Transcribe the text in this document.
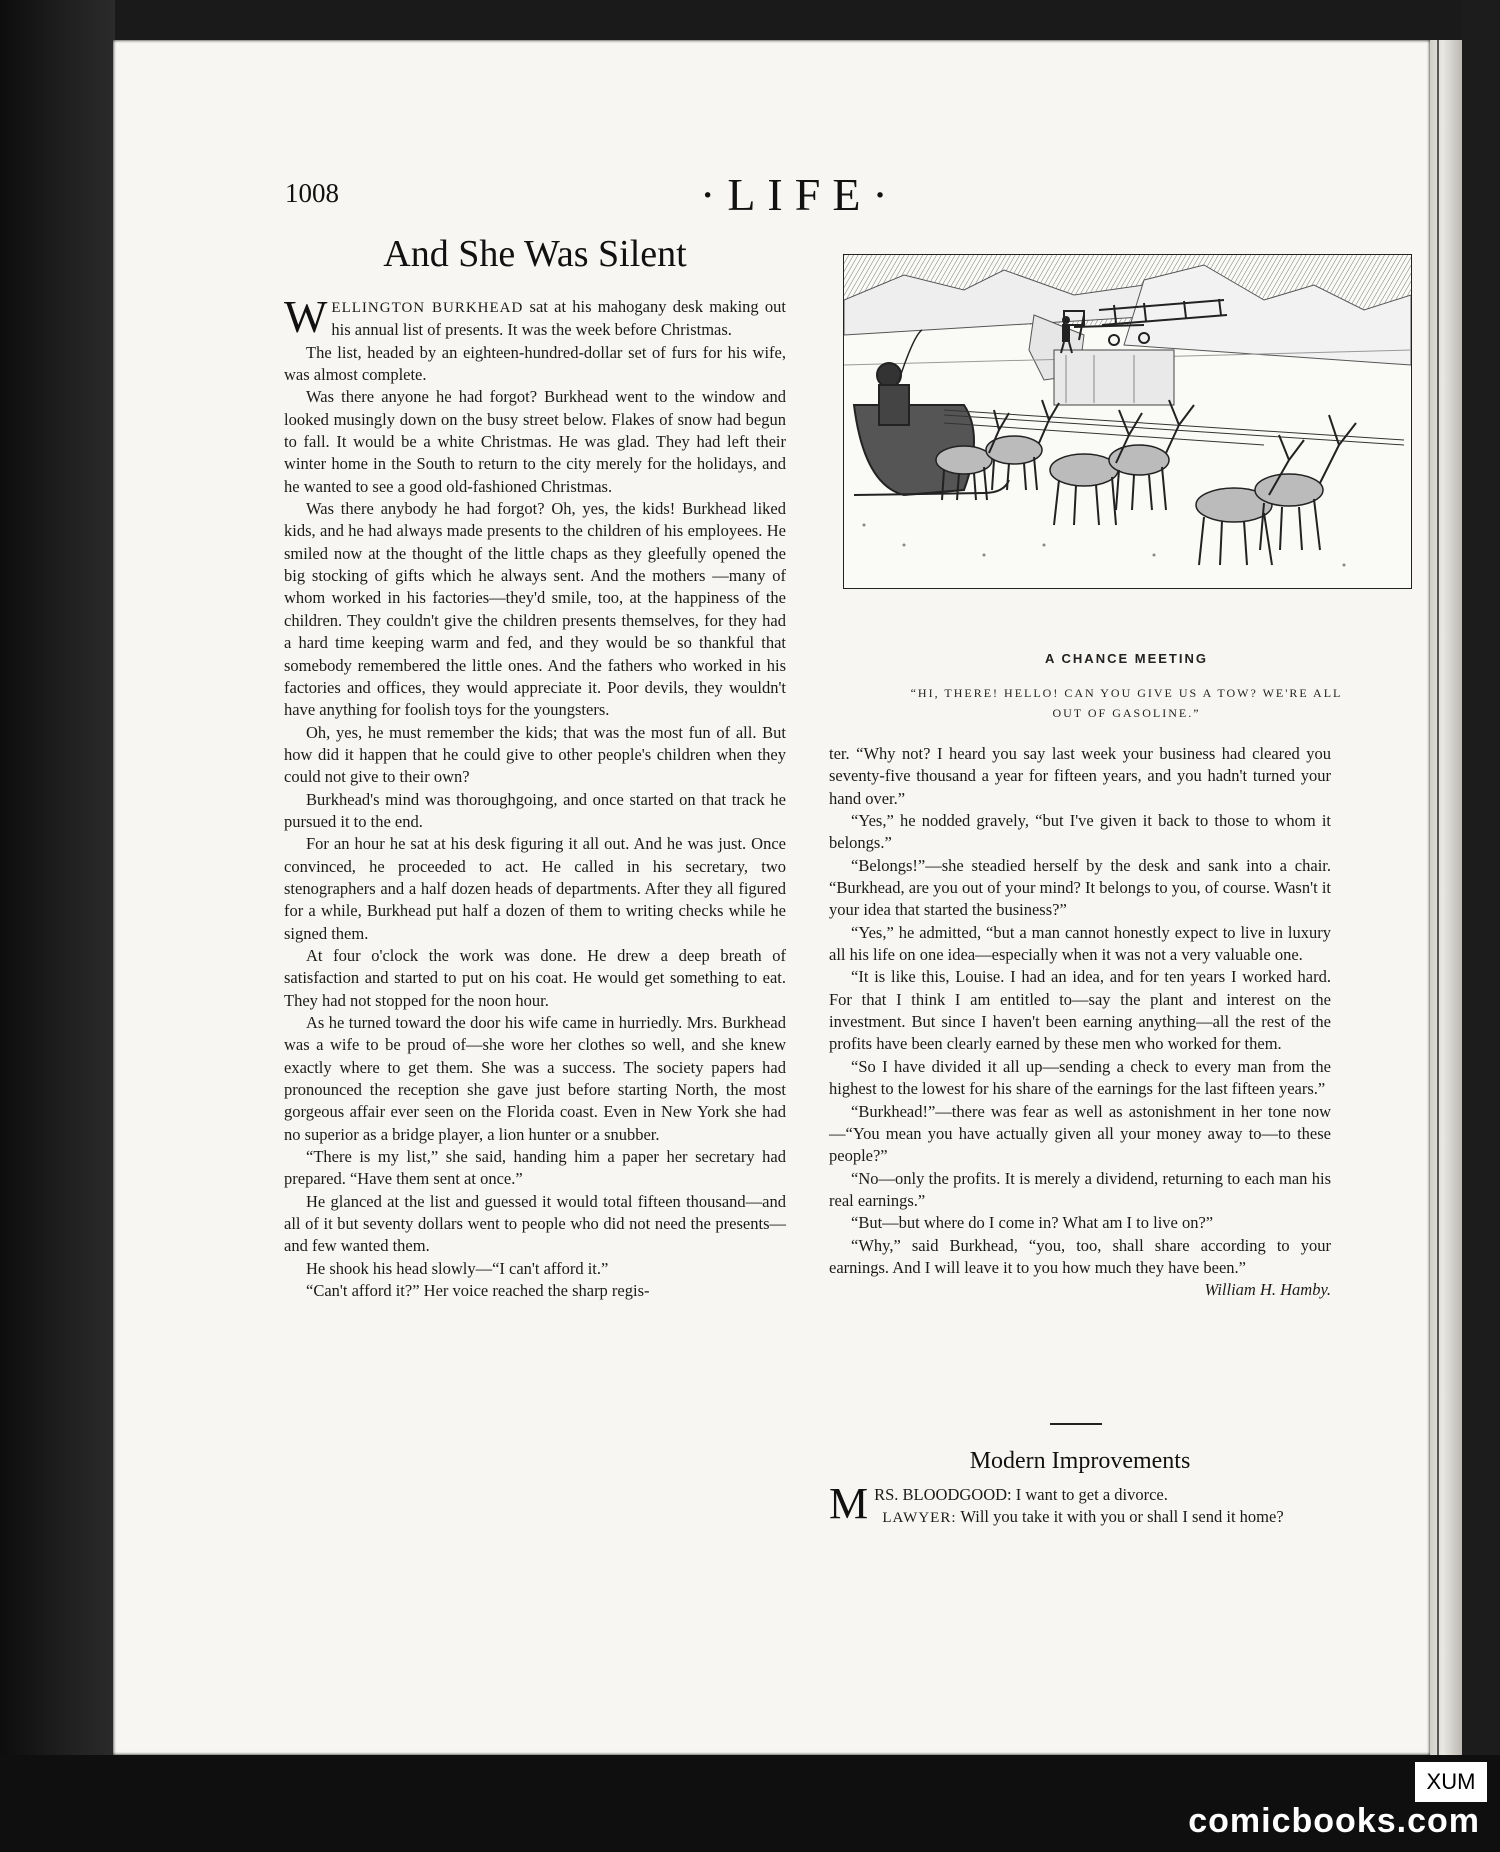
1008	·LIFE·
And She Was Silent

WELLINGTON BURKHEAD sat at his mahogany desk making out his annual list of presents. It was the week before Christmas.

The list, headed by an eighteen-hundred-dollar set of furs for his wife, was almost complete.

Was there anyone he had forgot? Burkhead went to the window and looked musingly down on the busy street below. Flakes of snow had begun to fall. It would be a white Christmas. He was glad. They had left their winter home in the South to return to the city merely for the holidays, and he wanted to see a good old-fashioned Christmas.

Was there anybody he had forgot? Oh, yes, the kids! Burkhead liked kids, and he had always made presents to the children of his employees. He smiled now at the thought of the little chaps as they gleefully opened the big stocking of gifts which he always sent. And the mothers —many of whom worked in his factories—they'd smile, too, at the happiness of the children. They couldn't give the children presents themselves, for they had a hard time keeping warm and fed, and they would be so thankful that somebody remembered the little ones. And the fathers who worked in his factories and offices, they would appreciate it. Poor devils, they wouldn't have anything for foolish toys for the youngsters.

Oh, yes, he must remember the kids; that was the most fun of all. But how did it happen that he could give to other people's children when they could not give to their own?

Burkhead's mind was thoroughgoing, and once started on that track he pursued it to the end.

For an hour he sat at his desk figuring it all out. And he was just. Once convinced, he proceeded to act. He called in his secretary, two stenographers and a half dozen heads of departments. After they all figured for a while, Burkhead put half a dozen of them to writing checks while he signed them.

At four o'clock the work was done. He drew a deep breath of satisfaction and started to put on his coat. He would get something to eat. They had not stopped for the noon hour.

As he turned toward the door his wife came in hurriedly. Mrs. Burkhead was a wife to be proud of—she wore her clothes so well, and she knew exactly where to get them. She was a success. The society papers had pronounced the reception she gave just before starting North, the most gorgeous affair ever seen on the Florida coast. Even in New York she had no superior as a bridge player, a lion hunter or a snubber.

“There is my list,” she said, handing him a paper her secretary had prepared. “Have them sent at once.”

He glanced at the list and guessed it would total fifteen thousand—and all of it but seventy dollars went to people who did not need the presents—and few wanted them.

He shook his head slowly—“I can't afford it.”

“Can't afford it?” Her voice reached the sharp regis-

A CHANCE MEETING
“HI, THERE! HELLO! CAN YOU GIVE US A TOW? WE'RE ALL OUT OF GASOLINE.”

ter. “Why not? I heard you say last week your business had cleared you seventy-five thousand a year for fifteen years, and you hadn't turned your hand over.”

“Yes,” he nodded gravely, “but I've given it back to those to whom it belongs.”

“Belongs!”—she steadied herself by the desk and sank into a chair. “Burkhead, are you out of your mind? It belongs to you, of course. Wasn't it your idea that started the business?”

“Yes,” he admitted, “but a man cannot honestly expect to live in luxury all his life on one idea—especially when it was not a very valuable one.

“It is like this, Louise. I had an idea, and for ten years I worked hard. For that I think I am entitled to—say the plant and interest on the investment. But since I haven't been earning anything—all the rest of the profits have been clearly earned by these men who worked for them.

“So I have divided it all up—sending a check to every man from the highest to the lowest for his share of the earnings for the last fifteen years.”

“Burkhead!”—there was fear as well as astonishment in her tone now—“You mean you have actually given all your money away to—to these people?”

“No—only the profits. It is merely a dividend, returning to each man his real earnings.”

“But—but where do I come in? What am I to live on?”

“Why,” said Burkhead, “you, too, shall share according to your earnings. And I will leave it to you how much they have been.”
William H. Hamby.

Modern Improvements

MRS. BLOODGOOD: I want to get a divorce.
LAWYER: Will you take it with you or shall I send it home?

XUM
comicbooks.com
